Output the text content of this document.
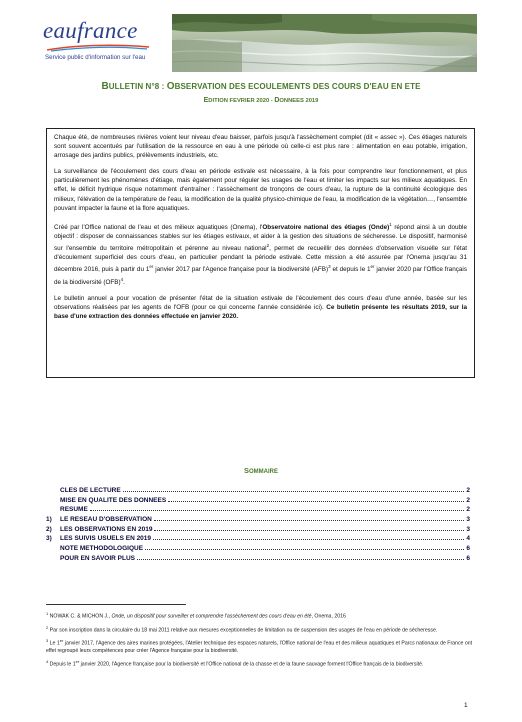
eaufrance
Service public d'information sur l'eau
BULLETIN N°8 : OBSERVATION DES ECOULEMENTS DES COURS D'EAU EN ETE
EDITION FEVRIER 2020 - DONNEES 2019

Chaque été, de nombreuses rivières voient leur niveau d'eau baisser, parfois jusqu'à l'assèchement complet (dit « assec »). Ces étiages naturels sont souvent accentués par l'utilisation de la ressource en eau à une période où celle-ci est plus rare : alimentation en eau potable, irrigation, arrosage des jardins publics, prélèvements industriels, etc.

La surveillance de l'écoulement des cours d'eau en période estivale est nécessaire, à la fois pour comprendre leur fonctionnement, et plus particulièrement les phénomènes d'étiage, mais également pour réguler les usages de l'eau et limiter les impacts sur les milieux aquatiques. En effet, le déficit hydrique risque notamment d'entraîner : l'assèchement de tronçons de cours d'eau, la rupture de la continuité écologique des milieux, l'élévation de la température de l'eau, la modification de la qualité physico-chimique de l'eau, la modification de la végétation…, l'ensemble pouvant impacter la faune et la flore aquatiques.

Créé par l'Office national de l'eau et des milieux aquatiques (Onema), l'Observatoire national des étiages (Onde)$^1$ répond ainsi à un double objectif : disposer de connaissances stables sur les étiages estivaux, et aider à la gestion des situations de sécheresse. Le dispositif, harmonisé sur l'ensemble du territoire métropolitain et pérenne au niveau national$^2$, permet de recueillir des données d'observation visuelle sur l'état d'écoulement superficiel des cours d'eau, en particulier pendant la période estivale. Cette mission a été assurée par l'Onema jusqu'au 31 décembre 2016, puis à partir du 1er janvier 2017 par l'Agence française pour la biodiversité (AFB)$^3$ et depuis le 1er janvier 2020 par l'Office français de la biodiversité (OFB)$^4$.

Le bulletin annuel a pour vocation de présenter l'état de la situation estivale de l'écoulement des cours d'eau d'une année, basée sur les observations réalisées par les agents de l'OFB (pour ce qui concerne l'année considérée ici). Ce bulletin présente les résultats 2019, sur la base d'une extraction des données effectuée en janvier 2020.

SOMMAIRE
CLES DE LECTURE	2
MISE EN QUALITE DES DONNEES	2
RESUME	2
1)	LE RESEAU D'OBSERVATION	3
2)	LES OBSERVATIONS EN 2019	3
3)	LES SUIVIS USUELS EN 2019	4
NOTE METHODOLOGIQUE	6
POUR EN SAVOIR PLUS	6

$^1$ NOWAK C. & MICHON J., Onde, un dispositif pour surveiller et comprendre l'assèchement des cours d'eau en été, Onema, 2016

$^2$ Par son inscription dans la circulaire du 18 mai 2011 relative aux mesures exceptionnelles de limitation ou de suspension des usages de l'eau en période de sécheresse.

$^3$ Le 1er janvier 2017, l'Agence des aires marines protégées, l'Atelier technique des espaces naturels, l'Office national de l'eau et des milieux aquatiques et Parcs nationaux de France ont effet regroupé leurs compétences pour créer l'Agence française pour la biodiversité.

$^4$ Depuis le 1er janvier 2020, l'Agence française pour la biodiversité et l'Office national de la chasse et de la faune sauvage forment l'Office français de la biodiversité.

1
